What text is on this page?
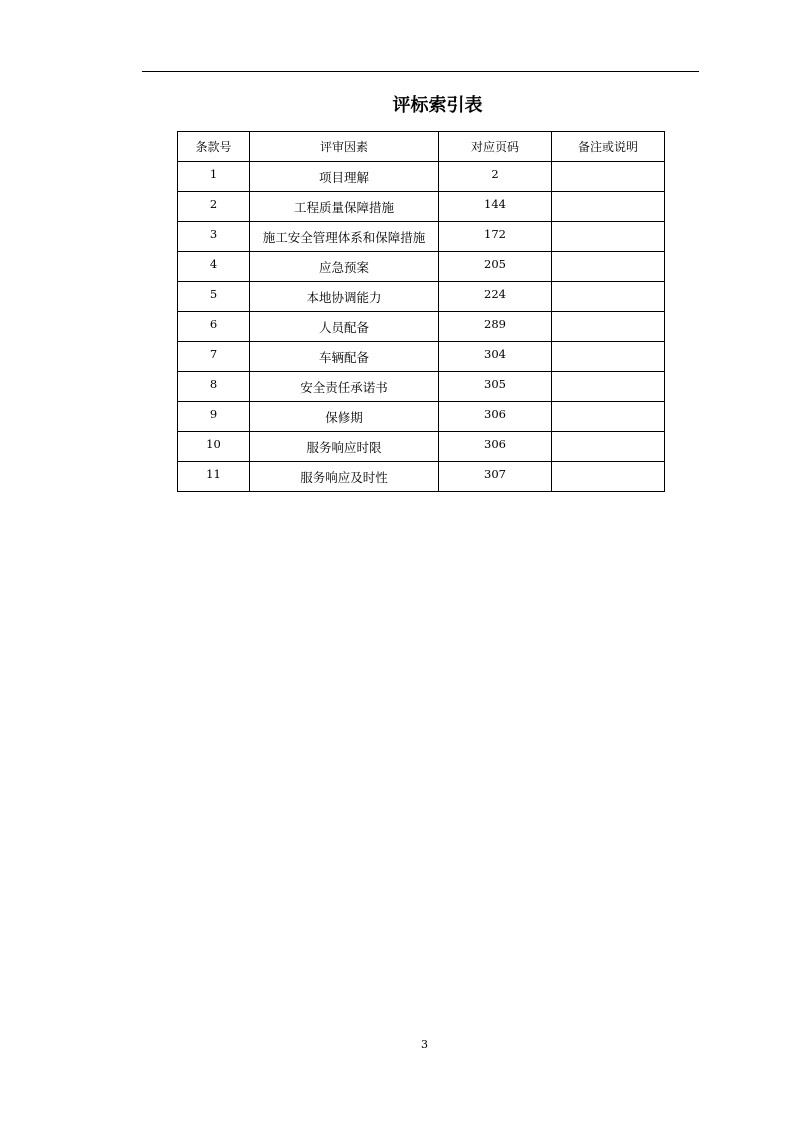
评标索引表
条款号	评审因素	对应页码	备注或说明

1	项目理解	2	

2	工程质量保障措施	144	

3	施工安全管理体系和保障措施	172	

4	应急预案	205	

5	本地协调能力	224	

6	人员配备	289	

7	车辆配备	304	

8	安全责任承诺书	305	

9	保修期	306	

10	服务响应时限	306	

11	服务响应及时性	307	

3
